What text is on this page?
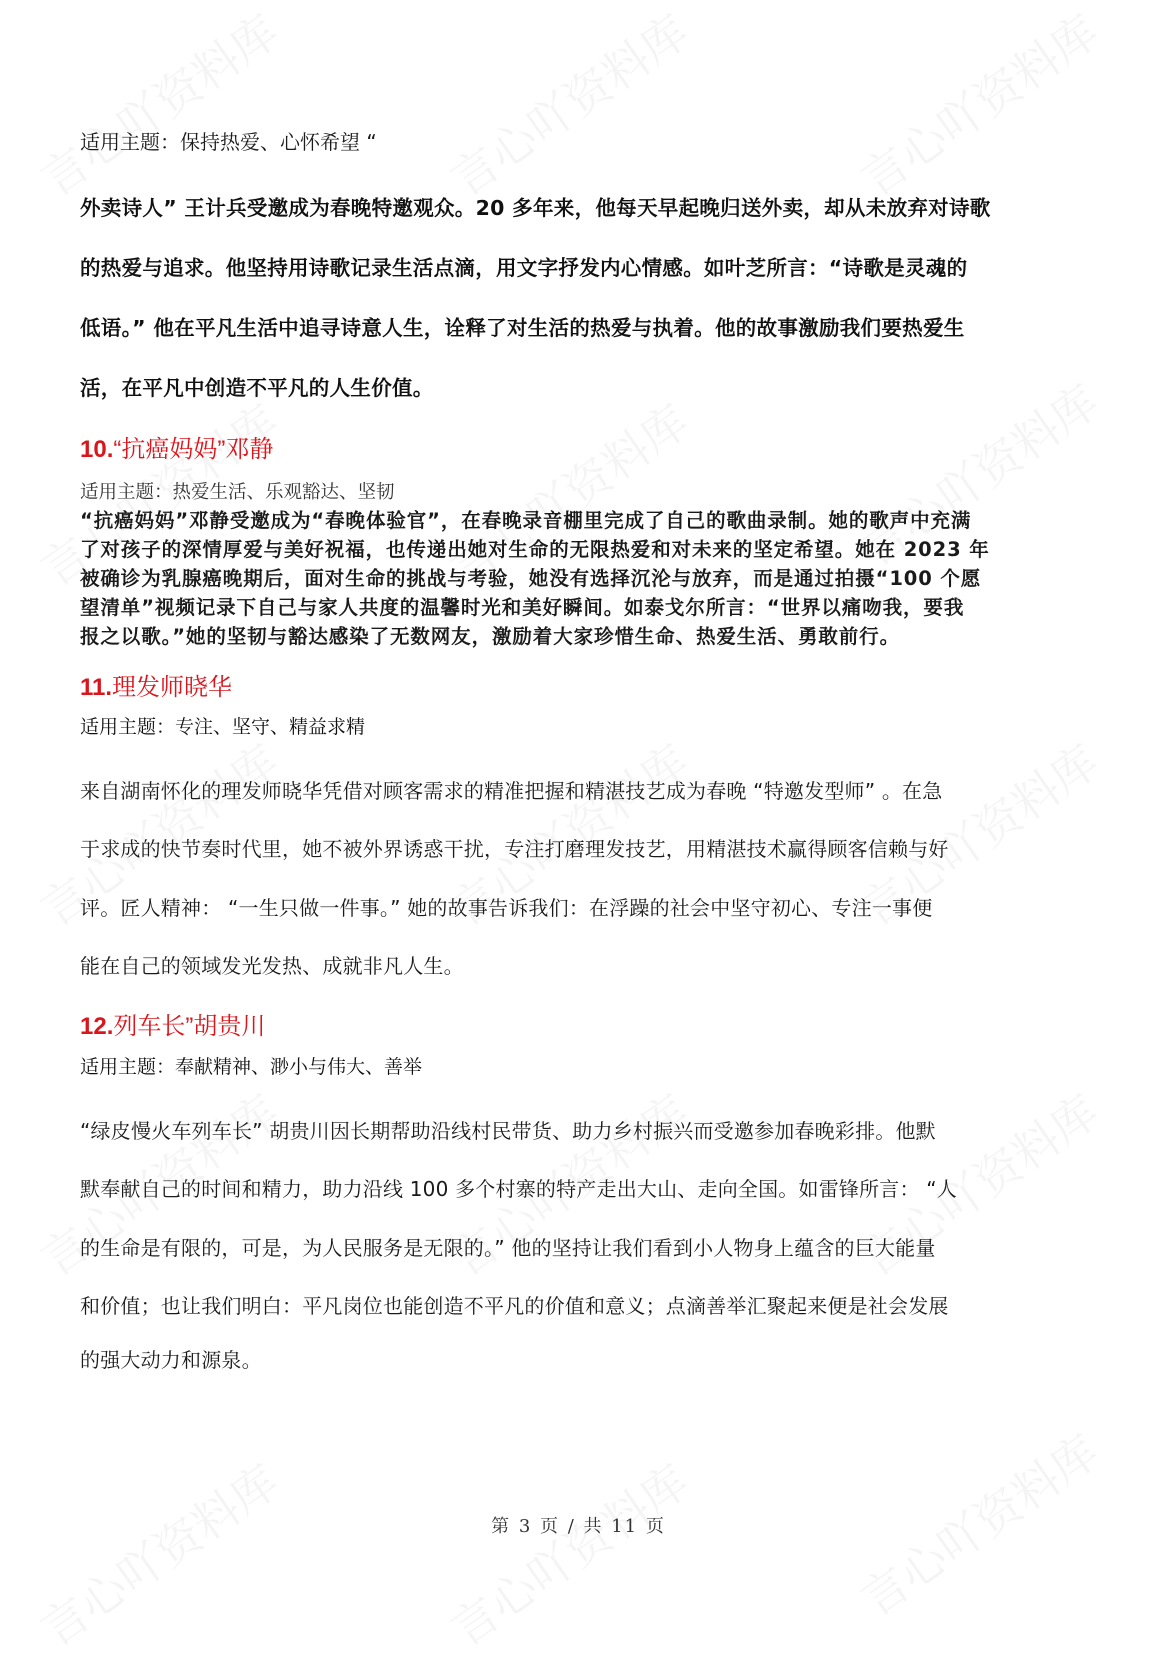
适用主题：保持热爱、心怀希望 “
外卖诗人” 王计兵受邀成为春晚特邀观众。20 多年来，他每天早起晚归送外卖，却从未放弃对诗歌
的热爱与追求。他坚持用诗歌记录生活点滴，用文字抒发内心情感。如叶芝所言：“诗歌是灵魂的
低语。” 他在平凡生活中追寻诗意人生，诠释了对生活的热爱与执着。他的故事激励我们要热爱生
活，在平凡中创造不平凡的人生价值。
10.“抗癌妈妈”邓静
适用主题：热爱生活、乐观豁达、坚韧
“抗癌妈妈”邓静受邀成为“春晚体验官”，在春晚录音棚里完成了自己的歌曲录制。她的歌声中充满
了对孩子的深情厚爱与美好祝福，也传递出她对生命的无限热爱和对未来的坚定希望。她在 2023 年
被确诊为乳腺癌晚期后，面对生命的挑战与考验，她没有选择沉沦与放弃，而是通过拍摄“100 个愿
望清单”视频记录下自己与家人共度的温馨时光和美好瞬间。如泰戈尔所言：“世界以痛吻我，要我
报之以歌。”她的坚韧与豁达感染了无数网友，激励着大家珍惜生命、热爱生活、勇敢前行。
11.理发师晓华
适用主题：专注、坚守、精益求精
来自湖南怀化的理发师晓华凭借对顾客需求的精准把握和精湛技艺成为春晚 “特邀发型师” 。在急
于求成的快节奏时代里，她不被外界诱惑干扰，专注打磨理发技艺，用精湛技术赢得顾客信赖与好
评。匠人精神： “一生只做一件事。” 她的故事告诉我们：在浮躁的社会中坚守初心、专注一事便
能在自己的领域发光发热、成就非凡人生。
12.列车长”胡贵川
适用主题：奉献精神、渺小与伟大、善举
“绿皮慢火车列车长” 胡贵川因长期帮助沿线村民带货、助力乡村振兴而受邀参加春晚彩排。他默
默奉献自己的时间和精力，助力沿线 100 多个村寨的特产走出大山、走向全国。如雷锋所言： “人
的生命是有限的，可是，为人民服务是无限的。” 他的坚持让我们看到小人物身上蕴含的巨大能量
和价值；也让我们明白：平凡岗位也能创造不平凡的价值和意义；点滴善举汇聚起来便是社会发展
的强大动力和源泉。
第 3 页 / 共 11 页
